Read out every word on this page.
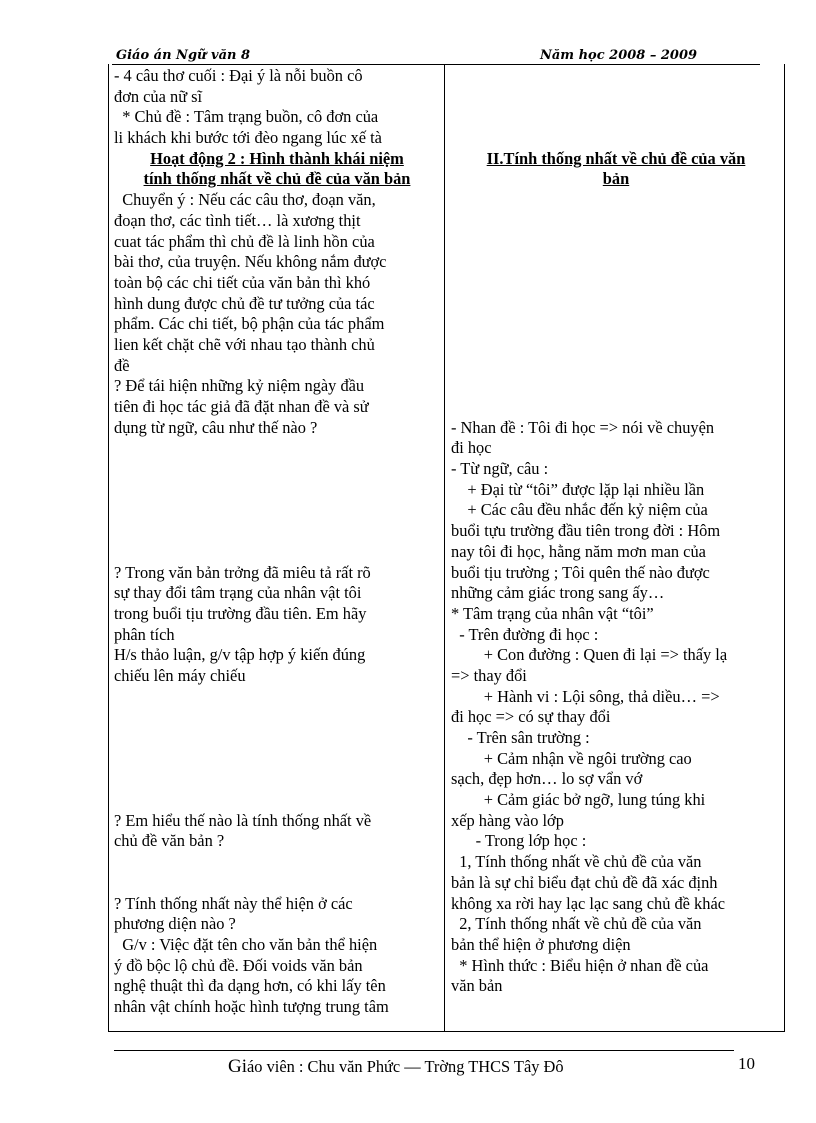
Giáo án Ngữ văn 8	Năm học 2008 – 2009
- 4 câu thơ cuối : Đại ý là nỗi buồn cô
đơn của nữ sĩ
* Chủ đề : Tâm trạng buồn, cô đơn của
li khách khi bước tới đèo ngang lúc xế tà
Hoạt động 2 : Hình thành khái niệm
tính thống nhất về chủ đề của văn bản
Chuyển ý : Nếu các câu thơ, đoạn văn,
đoạn thơ, các tình tiết… là xương thịt
cuat tác phẩm thì chủ đề là linh hồn của
bài thơ, của truyện. Nếu không nắm được
toàn bộ các chi tiết của văn bản thì khó
hình dung được chủ đề tư tưởng của tác
phẩm. Các chi tiết, bộ phận của tác phẩm
lien kết chặt chẽ với nhau tạo thành chủ
đề
? Để tái hiện những kỷ niệm ngày đầu
tiên đi học tác giả đã đặt nhan đề và sử
dụng từ ngữ, câu như thế nào ?
? Trong văn bản trởng đã miêu tả rất rõ
sự thay đổi tâm trạng của nhân vật tôi
trong buổi tịu trường đầu tiên. Em hãy
phân tích
H/s thảo luận, g/v tập hợp ý kiến đúng
chiếu lên máy chiếu
? Em hiểu thế nào là tính thống nhất về
chủ đề văn bản ?
? Tính thống nhất này thể hiện ở các
phương diện nào ?
G/v : Việc đặt tên cho văn bản thể hiện
ý đồ bộc lộ chủ đề. Đối voids văn bản
nghệ thuật thì đa dạng hơn, có khi lấy tên
nhân vật chính hoặc hình tượng trung tâm
II.Tính thống nhất về chủ đề của văn
bản
- Nhan đề : Tôi đi học => nói về chuyện
đi học
- Từ ngữ, câu :
+ Đại từ “tôi” được lặp lại nhiều lần
+ Các câu đều nhắc đến kỷ niệm của
buổi tựu trường đầu tiên trong đời : Hôm
nay tôi đi học, hằng năm mơn man của
buổi tịu trường ; Tôi quên thế nào được
những cảm giác trong sang ấy…
* Tâm trạng của nhân vật “tôi”
- Trên đường đi học :
+ Con đường : Quen đi lại => thấy lạ
=> thay đổi
+ Hành vi : Lội sông, thả diều… =>
đi học => có sự thay đổi
- Trên sân trường :
+ Cảm nhận về ngôi trường cao
sạch, đẹp hơn… lo sợ vẩn vớ
+ Cảm giác bở ngỡ, lung túng khi
xếp hàng vào lớp
- Trong lớp học :
1, Tính thống nhất về chủ đề của văn
bản là sự chỉ biểu đạt chủ đề đã xác định
không xa rời hay lạc lạc sang chủ đề khác
2, Tính thống nhất về chủ đề của văn
bản thể hiện ở phương diện
* Hình thức : Biểu hiện ở nhan đề của
văn bản
Giáo viên : Chu văn Phức — Trờng THCS Tây Đô	10
